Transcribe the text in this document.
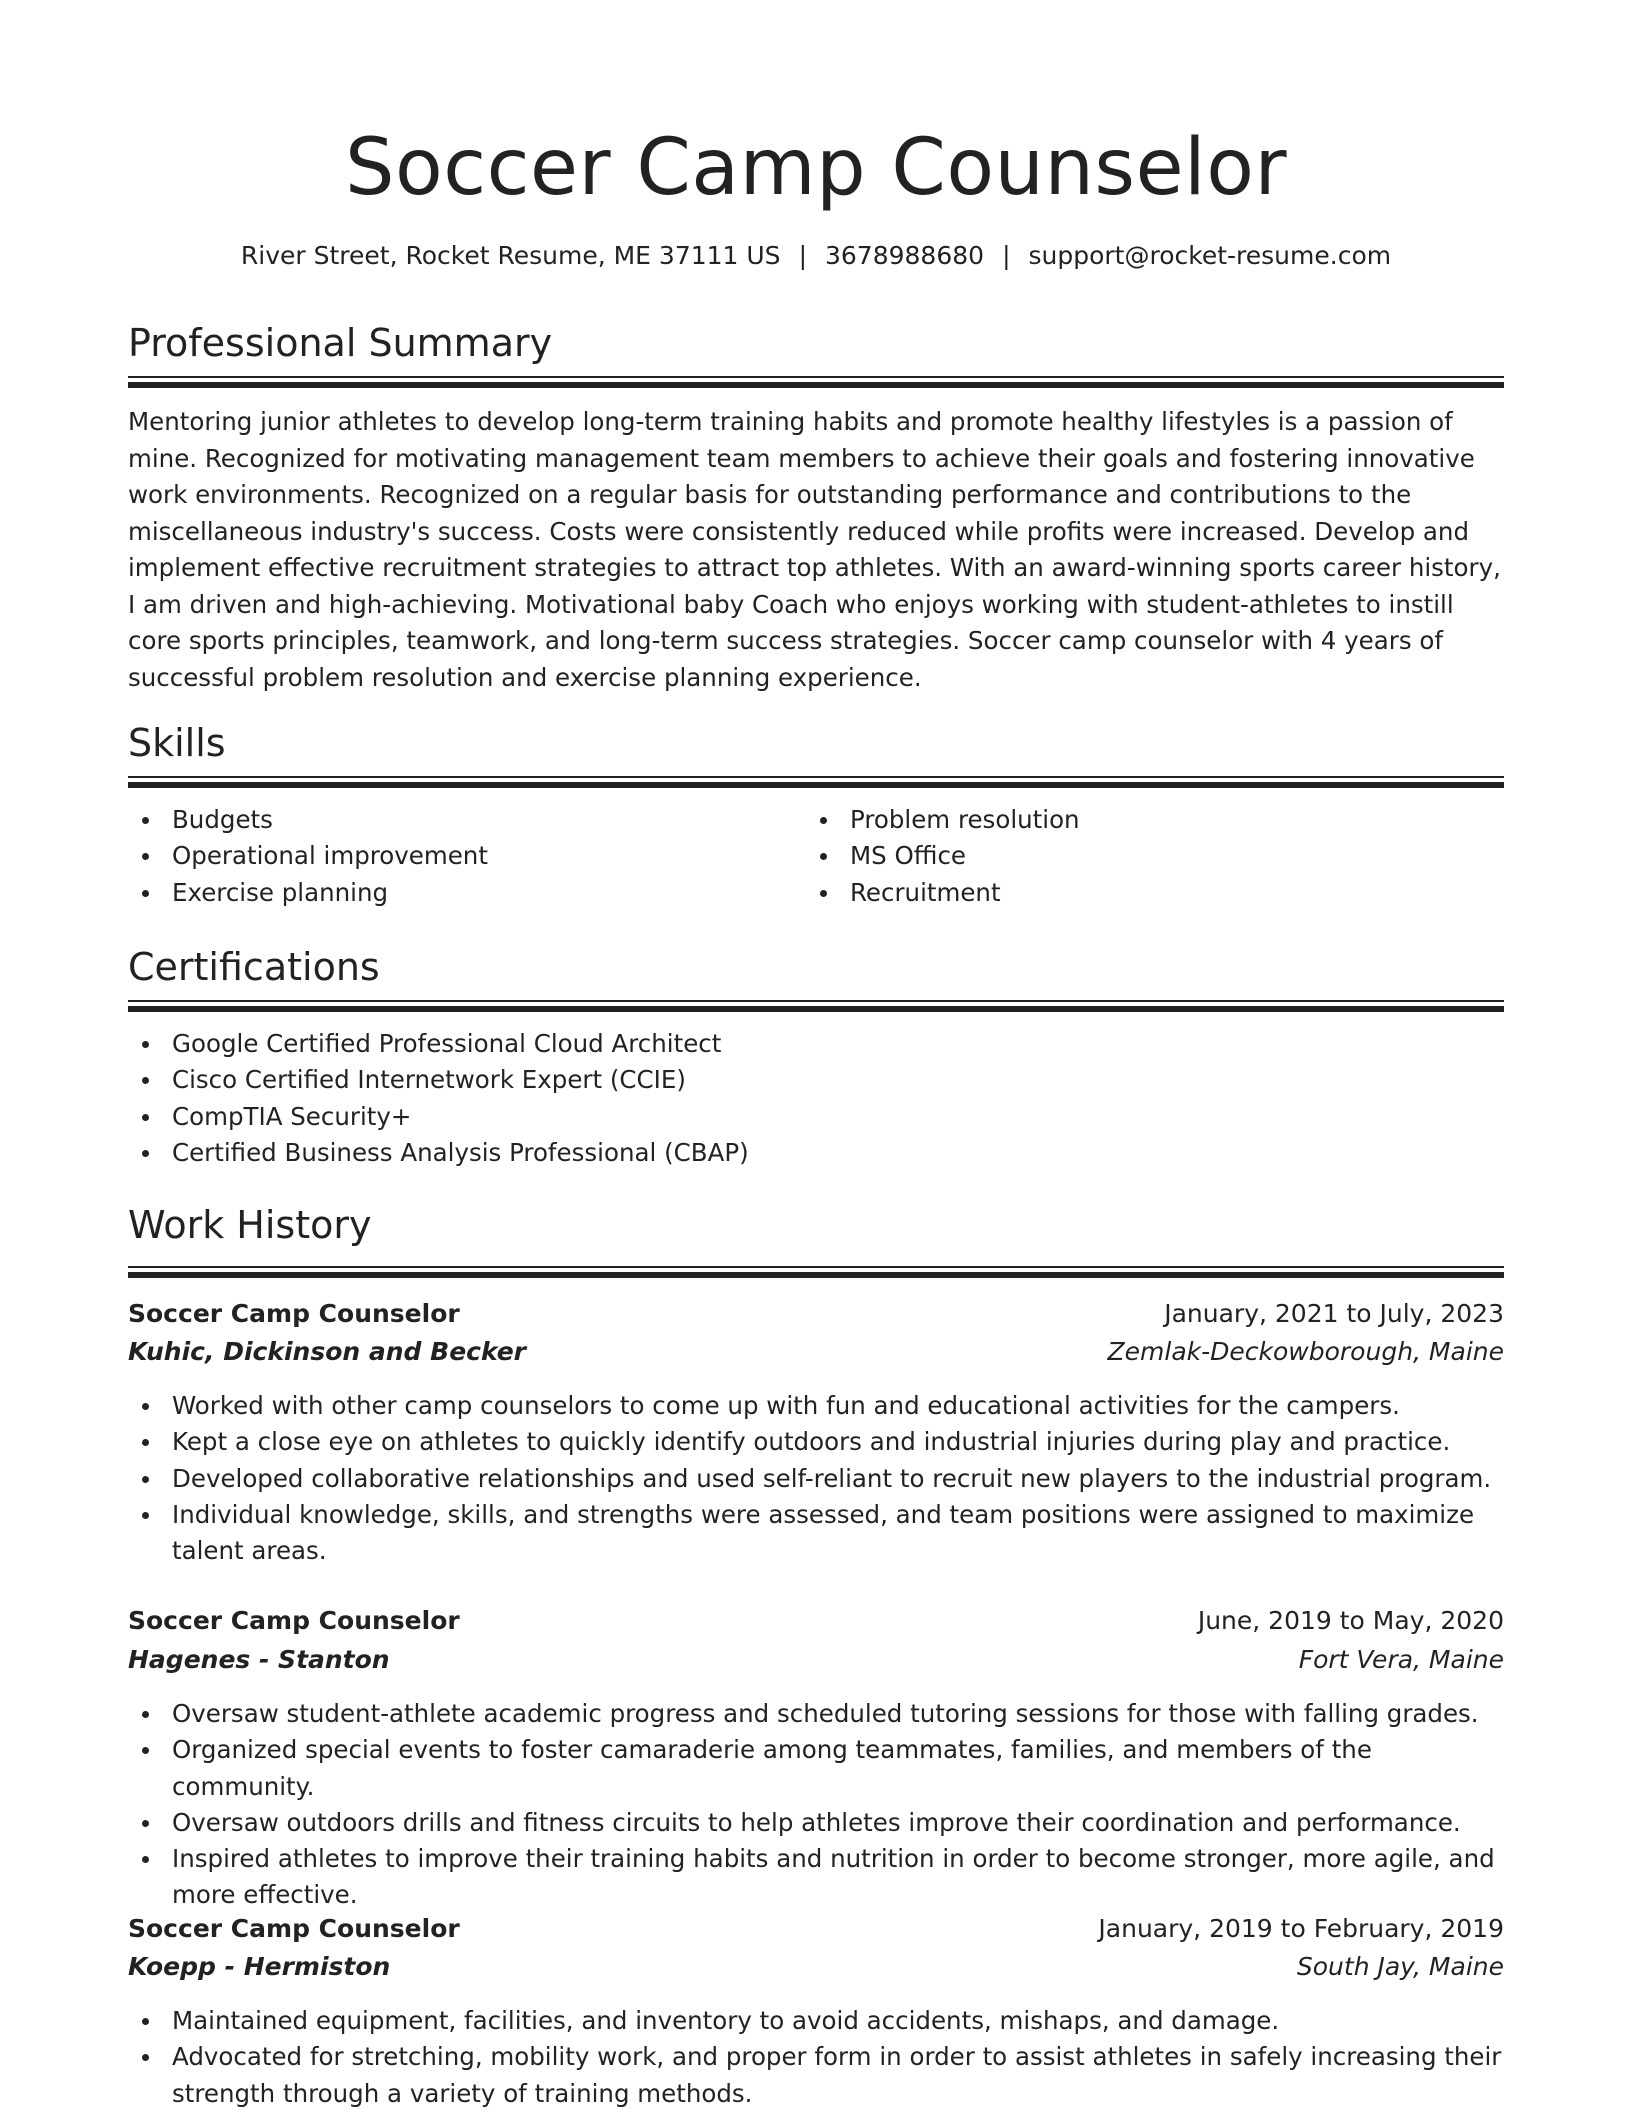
Soccer Camp Counselor
River Street, Rocket Resume, ME 37111 US | 3678988680 | support@rocket-resume.com
Professional Summary
Mentoring junior athletes to develop long-term training habits and promote healthy lifestyles is a passion of mine. Recognized for motivating management team members to achieve their goals and fostering innovative work environments. Recognized on a regular basis for outstanding performance and contributions to the miscellaneous industry's success. Costs were consistently reduced while profits were increased. Develop and implement effective recruitment strategies to attract top athletes. With an award-winning sports career history, I am driven and high-achieving. Motivational baby Coach who enjoys working with student-athletes to instill core sports principles, teamwork, and long-term success strategies. Soccer camp counselor with 4 years of successful problem resolution and exercise planning experience.
Skills
Budgets
Operational improvement
Exercise planning
Problem resolution
MS Office
Recruitment
Certifications
Google Certified Professional Cloud Architect
Cisco Certified Internetwork Expert (CCIE)
CompTIA Security+
Certified Business Analysis Professional (CBAP)
Work History
Soccer Camp Counselor	January, 2021 to July, 2023
Kuhic, Dickinson and Becker	Zemlak-Deckowborough, Maine
Worked with other camp counselors to come up with fun and educational activities for the campers.
Kept a close eye on athletes to quickly identify outdoors and industrial injuries during play and practice.
Developed collaborative relationships and used self-reliant to recruit new players to the industrial program.
Individual knowledge, skills, and strengths were assessed, and team positions were assigned to maximize talent areas.
Soccer Camp Counselor	June, 2019 to May, 2020
Hagenes - Stanton	Fort Vera, Maine
Oversaw student-athlete academic progress and scheduled tutoring sessions for those with falling grades.
Organized special events to foster camaraderie among teammates, families, and members of the community.
Oversaw outdoors drills and fitness circuits to help athletes improve their coordination and performance.
Inspired athletes to improve their training habits and nutrition in order to become stronger, more agile, and more effective.
Soccer Camp Counselor	January, 2019 to February, 2019
Koepp - Hermiston	South Jay, Maine
Maintained equipment, facilities, and inventory to avoid accidents, mishaps, and damage.
Advocated for stretching, mobility work, and proper form in order to assist athletes in safely increasing their strength through a variety of training methods.
